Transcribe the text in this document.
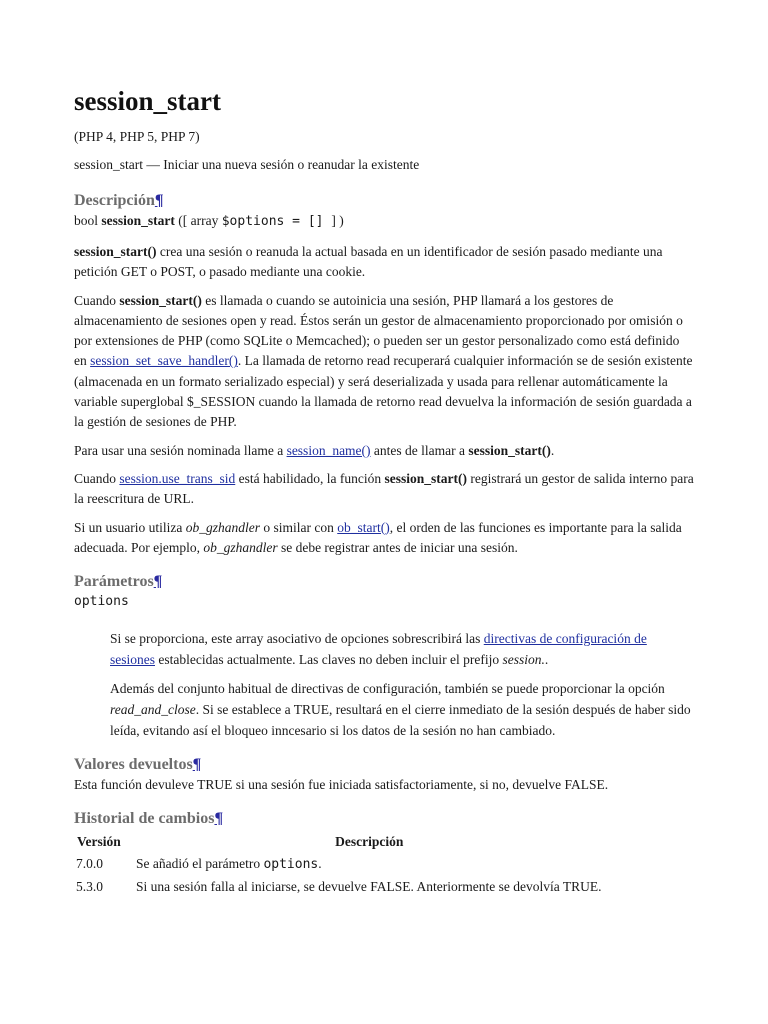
session_start

(PHP 4, PHP 5, PHP 7)

session_start — Iniciar una nueva sesión o reanudar la existente

Descripción¶
bool session_start ([ array $options = [] ] )

session_start() crea una sesión o reanuda la actual basada en un identificador de sesión pasado mediante una petición GET o POST, o pasado mediante una cookie.

Cuando session_start() es llamada o cuando se autoinicia una sesión, PHP llamará a los gestores de almacenamiento de sesiones open y read. Éstos serán un gestor de almacenamiento proporcionado por omisión o por extensiones de PHP (como SQLite o Memcached); o pueden ser un gestor personalizado como está definido en session_set_save_handler(). La llamada de retorno read recuperará cualquier información se de sesión existente (almacenada en un formato serializado especial) y será deserializada y usada para rellenar automáticamente la variable superglobal $_SESSION cuando la llamada de retorno read devuelva la información de sesión guardada a la gestión de sesiones de PHP.

Para usar una sesión nominada llame a session_name() antes de llamar a session_start().

Cuando session.use_trans_sid está habilidado, la función session_start() registrará un gestor de salida interno para la reescritura de URL.

Si un usuario utiliza ob_gzhandler o similar con ob_start(), el orden de las funciones es importante para la salida adecuada. Por ejemplo, ob_gzhandler se debe registrar antes de iniciar una sesión.

Parámetros¶
options

Si se proporciona, este array asociativo de opciones sobrescribirá las directivas de configuración de sesiones establecidas actualmente. Las claves no deben incluir el prefijo session..

Además del conjunto habitual de directivas de configuración, también se puede proporcionar la opción read_and_close. Si se establece a TRUE, resultará en el cierre inmediato de la sesión después de haber sido leída, evitando así el bloqueo inncesario si los datos de la sesión no han cambiado.

Valores devueltos¶

Esta función devuleve TRUE si una sesión fue iniciada satisfactoriamente, si no, devuelve FALSE.

Historial de cambios¶
Versión	Descripción
7.0.0	Se añadió el parámetro options.
5.3.0	Si una sesión falla al iniciarse, se devuelve FALSE. Anteriormente se devolvía TRUE.
